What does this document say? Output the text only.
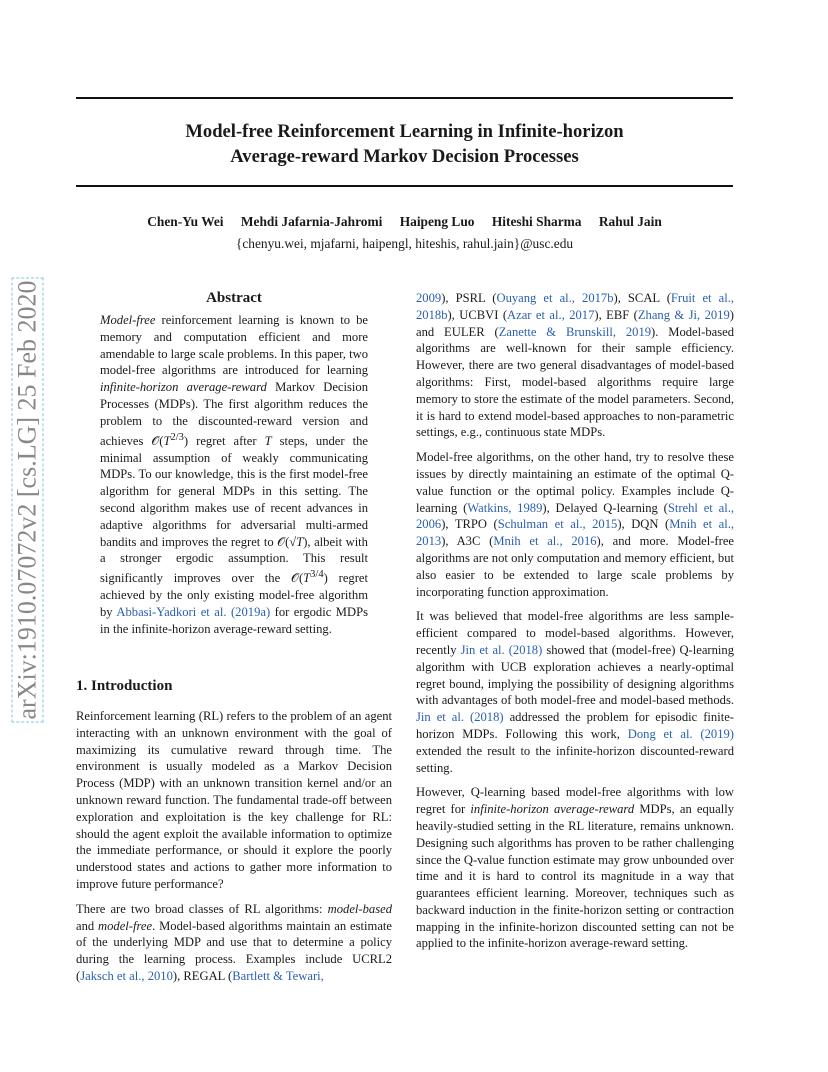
Model-free Reinforcement Learning in Infinite-horizon
Average-reward Markov Decision Processes
Chen-Yu Wei Mehdi Jafarnia-Jahromi Haipeng Luo Hiteshi Sharma Rahul Jain
{chenyu.wei, mjafarni, haipengl, hiteshis, rahul.jain}@usc.edu
arXiv:1910.07072v2 [cs.LG] 25 Feb 2020	Abstract

Model-free reinforcement learning is known to be memory and computation efficient and more amendable to large scale problems. In this paper, two model-free algorithms are introduced for learning infinite-horizon average-reward Markov Decision Processes (MDPs). The first algorithm reduces the problem to the discounted-reward version and achieves $𝒪(T^{2/3})$ regret after T steps, under the minimal assumption of weakly communicating MDPs. To our knowledge, this is the first model-free algorithm for general MDPs in this setting. The second algorithm makes use of recent advances in adaptive algorithms for adversarial multi-armed bandits and improves the regret to 𝒪(√T), albeit with a stronger ergodic assumption. This result significantly improves over the $𝒪(T^{3/4})$ regret achieved by the only existing model-free algorithm by Abbasi-Yadkori et al. (2019a) for ergodic MDPs in the infinite-horizon average-reward setting.

1. Introduction

Reinforcement learning (RL) refers to the problem of an agent interacting with an unknown environment with the goal of maximizing its cumulative reward through time. The environment is usually modeled as a Markov Decision Process (MDP) with an unknown transition kernel and/or an unknown reward function. The fundamental trade-off between exploration and exploitation is the key challenge for RL: should the agent exploit the available information to optimize the immediate performance, or should it explore the poorly understood states and actions to gather more information to improve future performance?

There are two broad classes of RL algorithms: model-based and model-free. Model-based algorithms maintain an estimate of the underlying MDP and use that to determine a policy during the learning process. Examples include UCRL2 (Jaksch et al., 2010), REGAL (Bartlett & Tewari,

2009), PSRL (Ouyang et al., 2017b), SCAL (Fruit et al., 2018b), UCBVI (Azar et al., 2017), EBF (Zhang & Ji, 2019) and EULER (Zanette & Brunskill, 2019). Model-based algorithms are well-known for their sample efficiency. However, there are two general disadvantages of model-based algorithms: First, model-based algorithms require large memory to store the estimate of the model parameters. Second, it is hard to extend model-based approaches to non-parametric settings, e.g., continuous state MDPs.

Model-free algorithms, on the other hand, try to resolve these issues by directly maintaining an estimate of the optimal Q-value function or the optimal policy. Examples include Q-learning (Watkins, 1989), Delayed Q-learning (Strehl et al., 2006), TRPO (Schulman et al., 2015), DQN (Mnih et al., 2013), A3C (Mnih et al., 2016), and more. Model-free algorithms are not only computation and memory efficient, but also easier to be extended to large scale problems by incorporating function approximation.

It was believed that model-free algorithms are less sample-efficient compared to model-based algorithms. However, recently Jin et al. (2018) showed that (model-free) Q-learning algorithm with UCB exploration achieves a nearly-optimal regret bound, implying the possibility of designing algorithms with advantages of both model-free and model-based methods. Jin et al. (2018) addressed the problem for episodic finite-horizon MDPs. Following this work, Dong et al. (2019) extended the result to the infinite-horizon discounted-reward setting.

However, Q-learning based model-free algorithms with low regret for infinite-horizon average-reward MDPs, an equally heavily-studied setting in the RL literature, remains unknown. Designing such algorithms has proven to be rather challenging since the Q-value function estimate may grow unbounded over time and it is hard to control its magnitude in a way that guarantees efficient learning. Moreover, techniques such as backward induction in the finite-horizon setting or contraction mapping in the infinite-horizon discounted setting can not be applied to the infinite-horizon average-reward setting.
